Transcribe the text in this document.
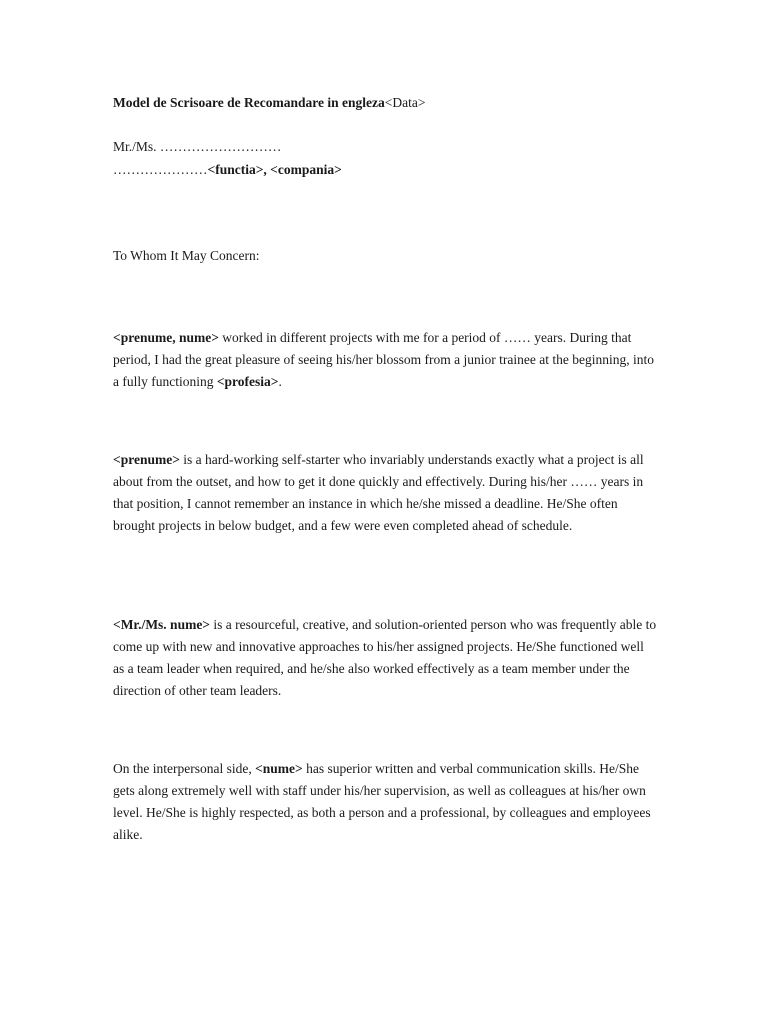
Model de Scrisoare de Recomandare in engleza<Data>
Mr./Ms. ………………………
…………………<functia>, <compania>
To Whom It May Concern:
<prenume, nume> worked in different projects with me for a period of …… years. During that period, I had the great pleasure of seeing his/her blossom from a junior trainee at the beginning, into a fully functioning <profesia>.
<prenume> is a hard-working self-starter who invariably understands exactly what a project is all about from the outset, and how to get it done quickly and effectively. During his/her …… years in that position, I cannot remember an instance in which he/she missed a deadline. He/She often brought projects in below budget, and a few were even completed ahead of schedule.
<Mr./Ms. nume> is a resourceful, creative, and solution-oriented person who was frequently able to come up with new and innovative approaches to his/her assigned projects. He/She functioned well as a team leader when required, and he/she also worked effectively as a team member under the direction of other team leaders.
On the interpersonal side, <nume> has superior written and verbal communication skills. He/She gets along extremely well with staff under his/her supervision, as well as colleagues at his/her own level. He/She is highly respected, as both a person and a professional, by colleagues and employees alike.
